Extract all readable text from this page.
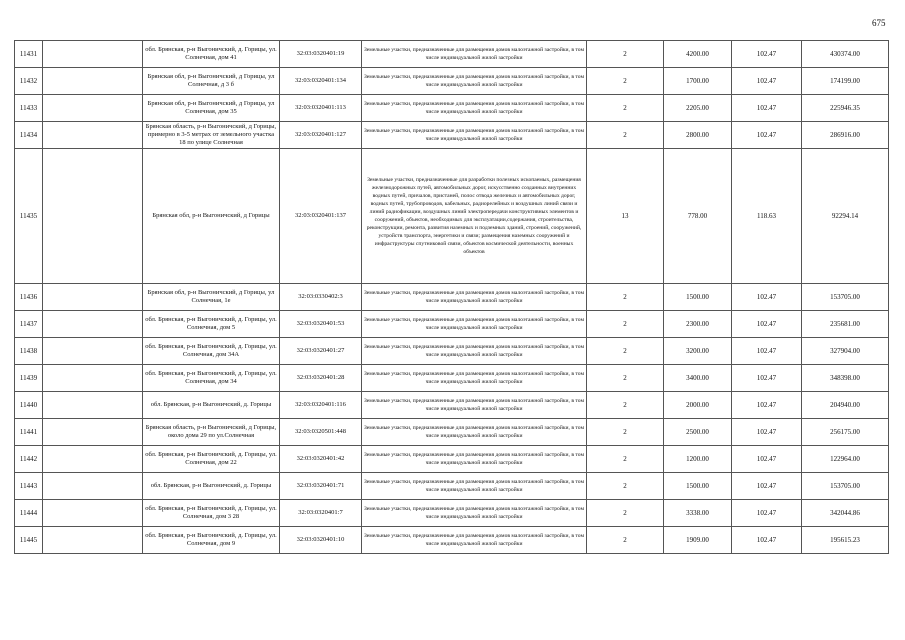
675
11431		обл. Брянская, р-н Выгоничский, д. Горицы, ул. Солнечная, дом 41	32:03:0320401:19	Земельные участки, предназначенные для размещения домов малоэтажной застройки, в том числе индивидуальной жилой застройки	2	4200.00	102.47	430374.00
11432		Брянская обл, р-н Выгоничский, д Горицы, ул Солнечная, д 3 б	32:03:0320401:134	Земельные участки, предназначенные для размещения домов малоэтажной застройки, в том числе индивидуальной жилой застройки	2	1700.00	102.47	174199.00
11433		Брянская обл, р-н Выгоничский, д Горицы, ул Солнечная, дом 35	32:03:0320401:113	Земельные участки, предназначенные для размещения домов малоэтажной застройки, в том числе индивидуальной жилой застройки	2	2205.00	102.47	225946.35
11434		Брянская область, р-н Выгоничский, д Горицы, примерно в 3-5 метрах от земельного участка 18 по улице Солнечная	32:03:0320401:127	Земельные участки, предназначенные для размещения домов малоэтажной застройки, в том числе индивидуальной жилой застройки	2	2800.00	102.47	286916.00
11435		Брянская обл, р-н Выгоничский, д Горицы	32:03:0320401:137	Земельные участки, предназначенные для разработки полезных ископаемых, размещения железнодорожных путей, автомобильных дорог, искусственно созданных внутренних водных путей, причалов, пристаней, полос отвода железных и автомобильных дорог, водных путей, трубопроводов, кабельных, радиорелейных и воздушных линий связи и линий радиофикации, воздушных линий электропередачи конструктивных элементов и сооружений, объектов, необходимых для эксплуатации,содержания, строительства, реконструкции, ремонта, развития наземных и подземных зданий, строений, сооружений, устройств транспорта, энергетики и связи; размещения наземных сооружений и инфраструктуры спутниковой связи, объектов космической деятельности, военных объектов	13	778.00	118.63	92294.14
11436		Брянская обл, р-н Выгоничский, д Горицы, ул Солнечная, 1е	32:03:0330402:3	Земельные участки, предназначенные для размещения домов малоэтажной застройки, в том числе индивидуальной жилой застройки	2	1500.00	102.47	153705.00
11437		обл. Брянская, р-н Выгоничский, д. Горицы, ул. Солнечная, дом 5	32:03:0320401:53	Земельные участки, предназначенные для размещения домов малоэтажной застройки, в том числе индивидуальной жилой застройки	2	2300.00	102.47	235681.00
11438		обл. Брянская, р-н Выгоничский, д. Горицы, ул. Солнечная, дом 34А	32:03:0320401:27	Земельные участки, предназначенные для размещения домов малоэтажной застройки, в том числе индивидуальной жилой застройки	2	3200.00	102.47	327904.00
11439		обл. Брянская, р-н Выгоничский, д. Горицы, ул. Солнечная, дом 34	32:03:0320401:28	Земельные участки, предназначенные для размещения домов малоэтажной застройки, в том числе индивидуальной жилой застройки	2	3400.00	102.47	348398.00
11440		обл. Брянская, р-н Выгоничский, д. Горицы	32:03:0320401:116	Земельные участки, предназначенные для размещения домов малоэтажной застройки, в том числе индивидуальной жилой застройки	2	2000.00	102.47	204940.00
11441		Брянская область, р-н Выгоничский, д Горицы, около дома 29 по ул.Солнечная	32:03:0320501:448	Земельные участки, предназначенные для размещения домов малоэтажной застройки, в том числе индивидуальной жилой застройки	2	2500.00	102.47	256175.00
11442		обл. Брянская, р-н Выгоничский, д. Горицы, ул. Солнечная, дом 22	32:03:0320401:42	Земельные участки, предназначенные для размещения домов малоэтажной застройки, в том числе индивидуальной жилой застройки	2	1200.00	102.47	122964.00
11443		обл. Брянская, р-н Выгоничский, д. Горицы	32:03:0320401:71	Земельные участки, предназначенные для размещения домов малоэтажной застройки, в том числе индивидуальной жилой застройки	2	1500.00	102.47	153705.00
11444		обл. Брянская, р-н Выгоничский, д. Горицы, ул. Солнечная, дом 3 28	32:03:0320401:7	Земельные участки, предназначенные для размещения домов малоэтажной застройки, в том числе индивидуальной жилой застройки	2	3338.00	102.47	342044.86
11445		обл. Брянская, р-н Выгоничский, д. Горицы, ул. Солнечная, дом 9	32:03:0320401:10	Земельные участки, предназначенные для размещения домов малоэтажной застройки, в том числе индивидуальной жилой застройки	2	1909.00	102.47	195615.23
